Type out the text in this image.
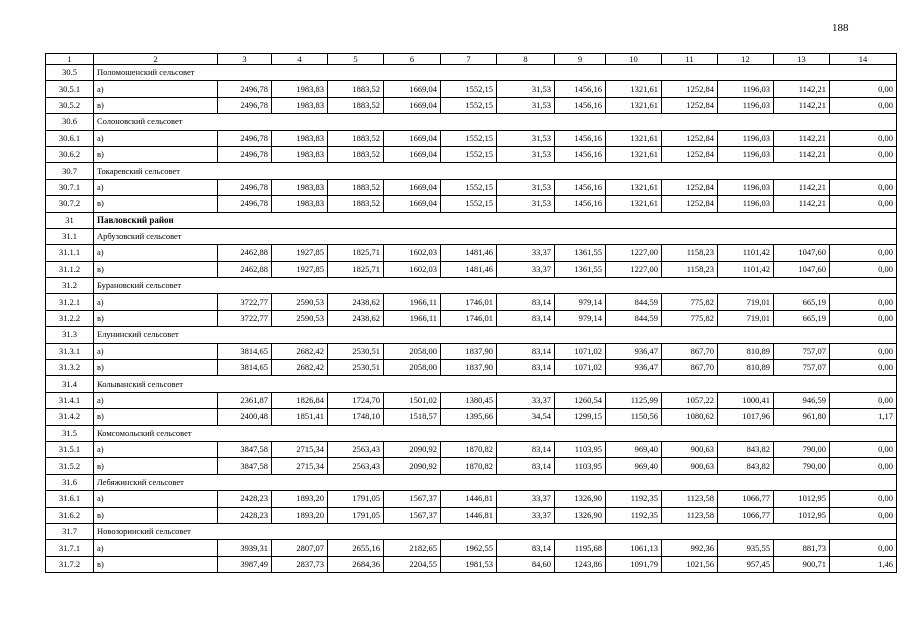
188
1	2	3	4	5	6	7	8	9	10	11	12	13	14
30.5	Поломошенский сельсовет												
30.5.1	а)	2496,78	1983,83	1883,52	1669,04	1552,15	31,53	1456,16	1321,61	1252,84	1196,03	1142,21	0,00
30.5.2	в)	2496,78	1983,83	1883,52	1669,04	1552,15	31,53	1456,16	1321,61	1252,84	1196,03	1142,21	0,00
30.6	Солоновский сельсовет												
30.6.1	а)	2496,78	1983,83	1883,52	1669,04	1552,15	31,53	1456,16	1321,61	1252,84	1196,03	1142,21	0,00
30.6.2	в)	2496,78	1983,83	1883,52	1669,04	1552,15	31,53	1456,16	1321,61	1252,84	1196,03	1142,21	0,00
30.7	Токаревский сельсовет												
30.7.1	а)	2496,78	1983,83	1883,52	1669,04	1552,15	31,53	1456,16	1321,61	1252,84	1196,03	1142,21	0,00
30.7.2	в)	2496,78	1983,83	1883,52	1669,04	1552,15	31,53	1456,16	1321,61	1252,84	1196,03	1142,21	0,00
31	Павловский район												
31.1	Арбузовский сельсовет												
31.1.1	а)	2462,88	1927,85	1825,71	1602,03	1481,46	33,37	1361,55	1227,00	1158,23	1101,42	1047,60	0,00
31.1.2	в)	2462,88	1927,85	1825,71	1602,03	1481,46	33,37	1361,55	1227,00	1158,23	1101,42	1047,60	0,00
31.2	Бурановский сельсовет												
31.2.1	а)	3722,77	2590,53	2438,62	1966,11	1746,01	83,14	979,14	844,59	775,82	719,01	665,19	0,00
31.2.2	в)	3722,77	2590,53	2438,62	1966,11	1746,01	83,14	979,14	844,59	775,82	719,01	665,19	0,00
31.3	Елунинский сельсовет												
31.3.1	а)	3814,65	2682,42	2530,51	2058,00	1837,90	83,14	1071,02	936,47	867,70	810,89	757,07	0,00
31.3.2	в)	3814,65	2682,42	2530,51	2058,00	1837,90	83,14	1071,02	936,47	867,70	810,89	757,07	0,00
31.4	Колыванский сельсовет												
31.4.1	а)	2361,87	1826,84	1724,70	1501,02	1380,45	33,37	1260,54	1125,99	1057,22	1000,41	946,59	0,00
31.4.2	в)	2400,48	1851,41	1748,10	1518,57	1395,66	34,54	1299,15	1150,56	1080,62	1017,96	961,80	1,17
31.5	Комсомольский сельсовет												
31.5.1	а)	3847,58	2715,34	2563,43	2090,92	1870,82	83,14	1103,95	969,40	900,63	843,82	790,00	0,00
31.5.2	в)	3847,58	2715,34	2563,43	2090,92	1870,82	83,14	1103,95	969,40	900,63	843,82	790,00	0,00
31.6	Лебяжинский сельсовет												
31.6.1	а)	2428,23	1893,20	1791,05	1567,37	1446,81	33,37	1326,90	1192,35	1123,58	1066,77	1012,95	0,00
31.6.2	в)	2428,23	1893,20	1791,05	1567,37	1446,81	33,37	1326,90	1192,35	1123,58	1066,77	1012,95	0,00
31.7	Новозоринский сельсовет												
31.7.1	а)	3939,31	2807,07	2655,16	2182,65	1962,55	83,14	1195,68	1061,13	992,36	935,55	881,73	0,00
31.7.2	в)	3987,49	2837,73	2684,36	2204,55	1981,53	84,60	1243,86	1091,79	1021,56	957,45	900,71	1,46
